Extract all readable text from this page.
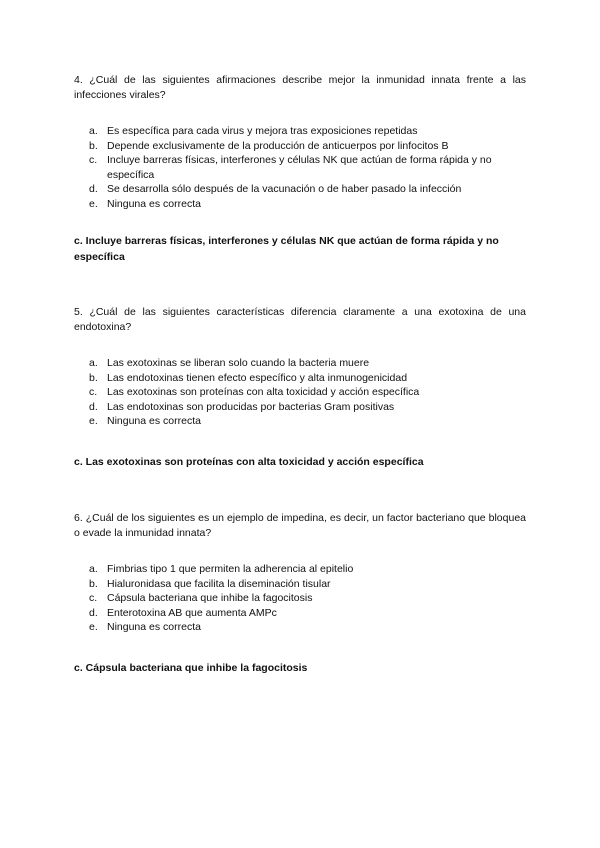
4. ¿Cuál de las siguientes afirmaciones describe mejor la inmunidad innata frente a las infecciones virales?

a. Es específica para cada virus y mejora tras exposiciones repetidas
b. Depende exclusivamente de la producción de anticuerpos por linfocitos B
c. Incluye barreras físicas, interferones y células NK que actúan de forma rápida y no específica
d. Se desarrolla sólo después de la vacunación o de haber pasado la infección
e. Ninguna es correcta

c. Incluye barreras físicas, interferones y células NK que actúan de forma rápida y no específica

5. ¿Cuál de las siguientes características diferencia claramente a una exotoxina de una endotoxina?

a. Las exotoxinas se liberan solo cuando la bacteria muere
b. Las endotoxinas tienen efecto específico y alta inmunogenicidad
c. Las exotoxinas son proteínas con alta toxicidad y acción específica
d. Las endotoxinas son producidas por bacterias Gram positivas
e. Ninguna es correcta

c. Las exotoxinas son proteínas con alta toxicidad y acción específica

6. ¿Cuál de los siguientes es un ejemplo de impedina, es decir, un factor bacteriano que bloquea o evade la inmunidad innata?

a. Fimbrias tipo 1 que permiten la adherencia al epitelio
b. Hialuronidasa que facilita la diseminación tisular
c. Cápsula bacteriana que inhibe la fagocitosis
d. Enterotoxina AB que aumenta AMPc
e. Ninguna es correcta

c. Cápsula bacteriana que inhibe la fagocitosis
